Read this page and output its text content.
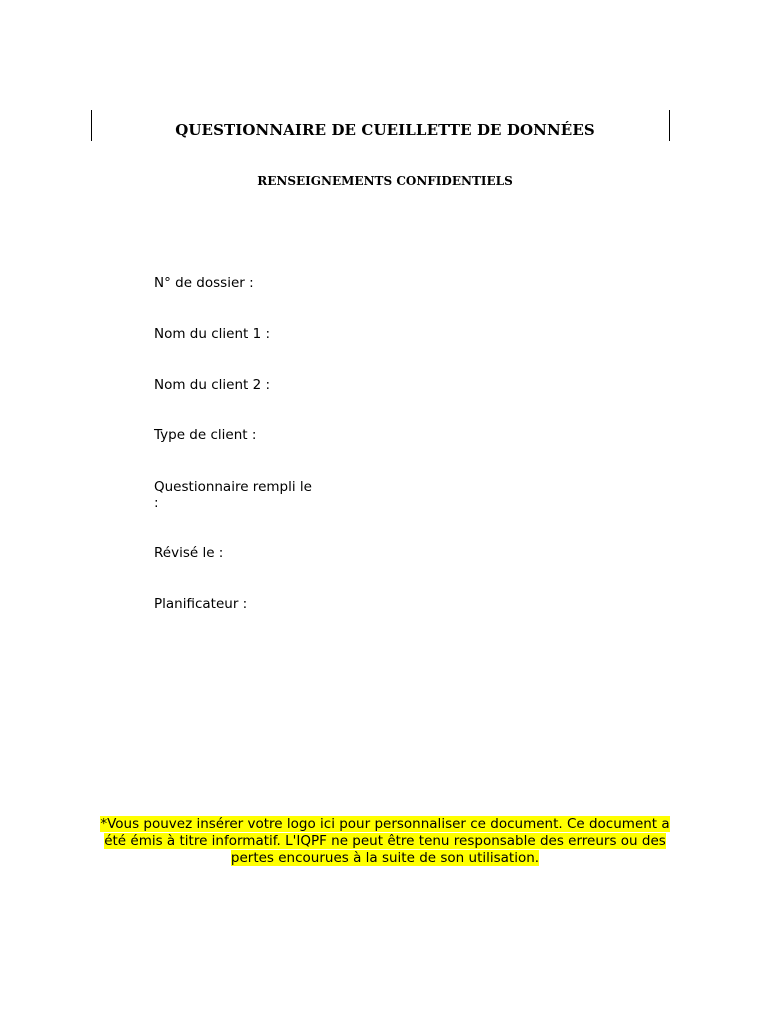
QUESTIONNAIRE DE CUEILLETTE DE DONNÉES
RENSEIGNEMENTS CONFIDENTIELS
N° de dossier :
Nom du client 1 :
Nom du client 2 :
Type de client :
Questionnaire rempli le :
Révisé le :
Planificateur :
*Vous pouvez insérer votre logo ici pour personnaliser ce document. Ce document a été émis à titre informatif. L'IQPF ne peut être tenu responsable des erreurs ou des pertes encourues à la suite de son utilisation.
